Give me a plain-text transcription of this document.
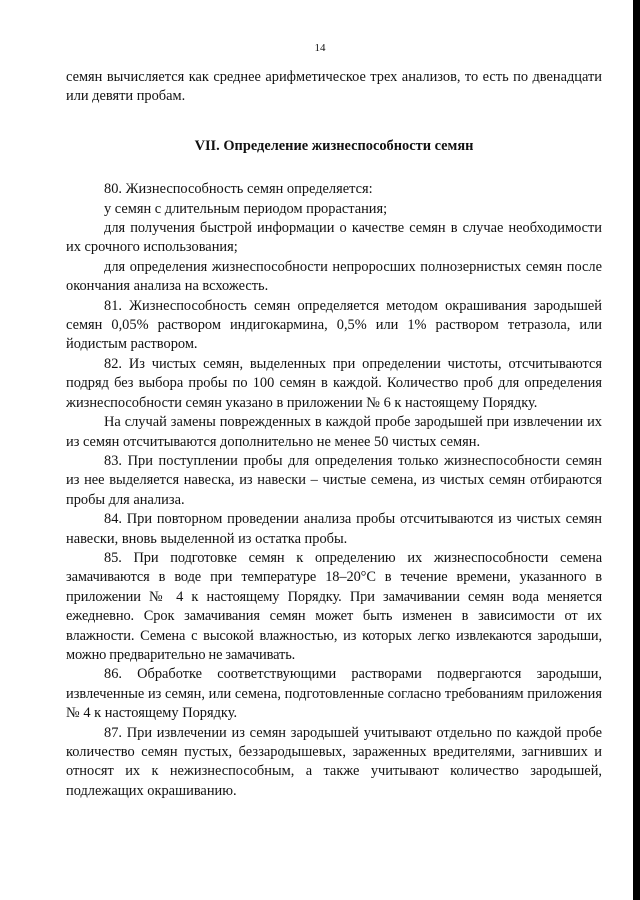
14

семян вычисляется как среднее арифметическое трех анализов, то есть по двенадцати или девяти пробам.

VII. Определение жизнеспособности семян

80. Жизнеспособность семян определяется:

у семян с длительным периодом прорастания;

для получения быстрой информации о качестве семян в случае необходимости их срочного использования;

для определения жизнеспособности непроросших полнозернистых семян после окончания анализа на всхожесть.

81. Жизнеспособность семян определяется методом окрашивания зародышей семян 0,05% раствором индигокармина, 0,5% или 1% раствором тетразола, или йодистым раствором.

82. Из чистых семян, выделенных при определении чистоты, отсчитываются подряд без выбора пробы по 100 семян в каждой. Количество проб для определения жизнеспособности семян указано в приложении № 6 к настоящему Порядку.

На случай замены поврежденных в каждой пробе зародышей при извлечении их из семян отсчитываются дополнительно не менее 50 чистых семян.

83. При поступлении пробы для определения только жизнеспособности семян из нее выделяется навеска, из навески – чистые семена, из чистых семян отбираются пробы для анализа.

84. При повторном проведении анализа пробы отсчитываются из чистых семян навески, вновь выделенной из остатка пробы.

85. При подготовке семян к определению их жизнеспособности семена замачиваются в воде при температуре 18–20°C в течение времени, указанного в приложении № 4 к настоящему Порядку. При замачивании семян вода меняется ежедневно. Срок замачивания семян может быть изменен в зависимости от их влажности. Семена с высокой влажностью, из которых легко извлекаются зародыши, можно предварительно не замачивать.

86. Обработке соответствующими растворами подвергаются зародыши, извлеченные из семян, или семена, подготовленные согласно требованиям приложения № 4 к настоящему Порядку.

87. При извлечении из семян зародышей учитывают отдельно по каждой пробе количество семян пустых, беззародышевых, зараженных вредителями, загнивших и относят их к нежизнеспособным, а также учитывают количество зародышей, подлежащих окрашиванию.
